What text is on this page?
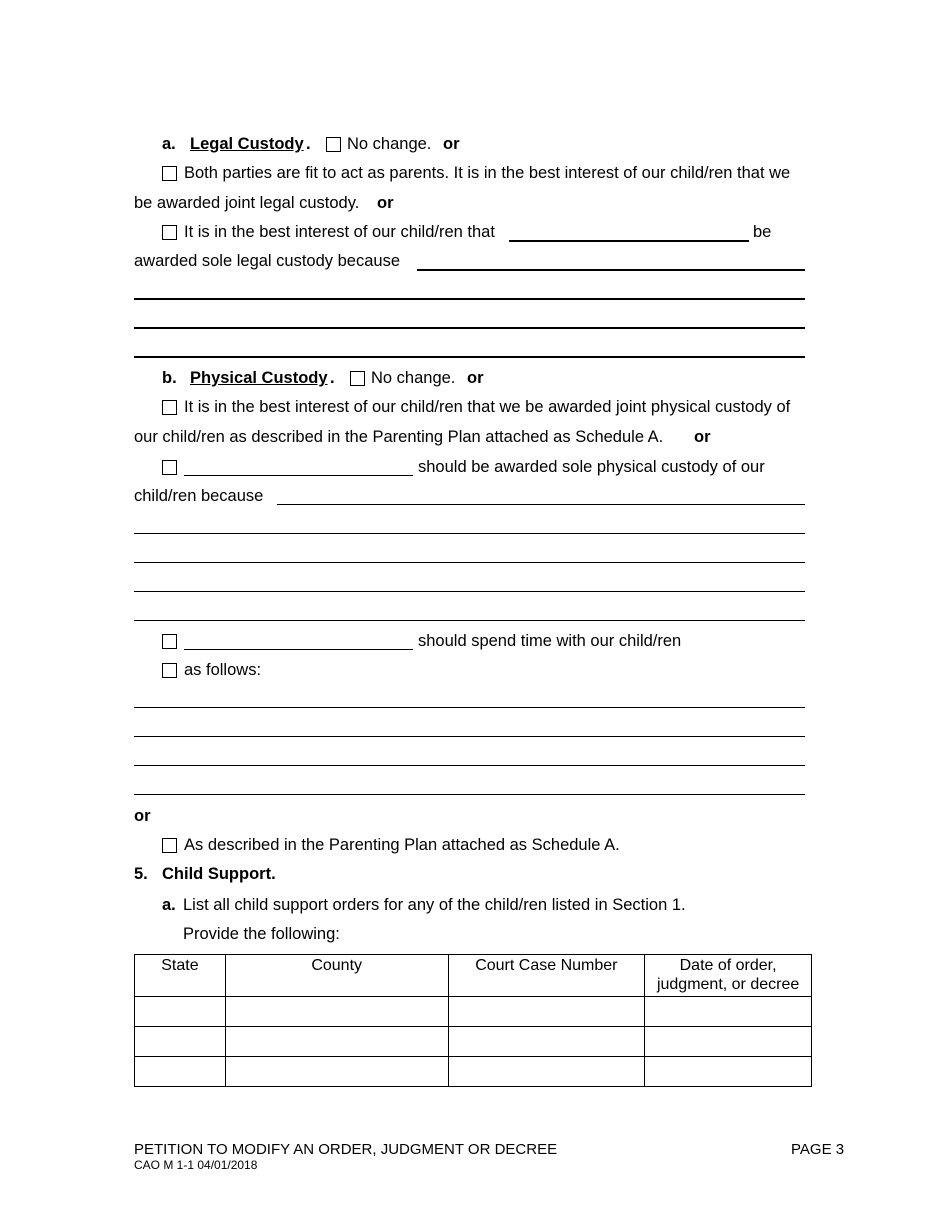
a. Legal Custody . No change. or
Both parties are fit to act as parents. It is in the best interest of our child/ren that we
be awarded joint legal custody. or
It is in the best interest of our child/ren that	be
awarded sole legal custody because
b. Physical Custody . No change. or
It is in the best interest of our child/ren that we be awarded joint physical custody of
our child/ren as described in the Parenting Plan attached as Schedule A. or
should be awarded sole physical custody of our
child/ren because
should spend time with our child/ren
as follows:
or
As described in the Parenting Plan attached as Schedule A.
5. Child Support.
a. List all child support orders for any of the child/ren listed in Section 1.
Provide the following:
State	County	Court Case Number	Date of order,
judgment, or decree

PETITION TO MODIFY AN ORDER, JUDGMENT OR DECREE	PAGE 3
CAO M 1-1 04/01/2018
